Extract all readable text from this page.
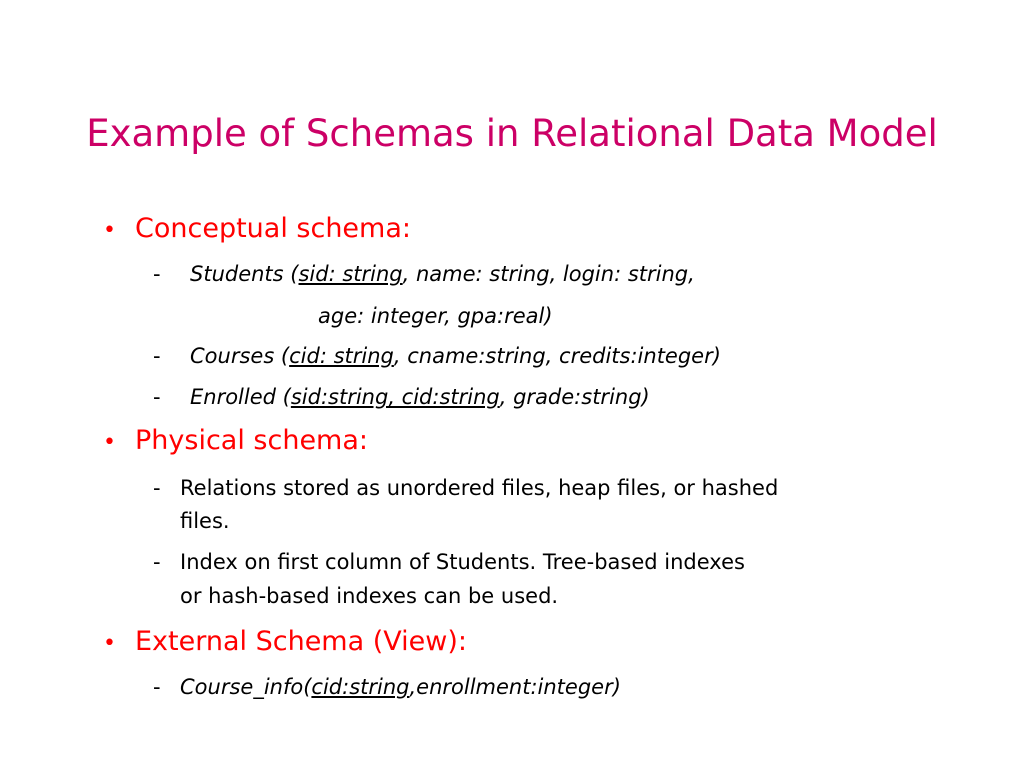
Example of Schemas in Relational Data Model
• Conceptual schema:
- Students (sid: string, name: string, login: string,
age: integer, gpa:real)
- Courses (cid: string, cname:string, credits:integer)
- Enrolled (sid:string, cid:string, grade:string)
• Physical schema:
- Relations stored as unordered files, heap files, or hashed
files.
- Index on first column of Students. Tree-based indexes
or hash-based indexes can be used.
• External Schema (View):
- Course_info(cid:string,enrollment:integer)
